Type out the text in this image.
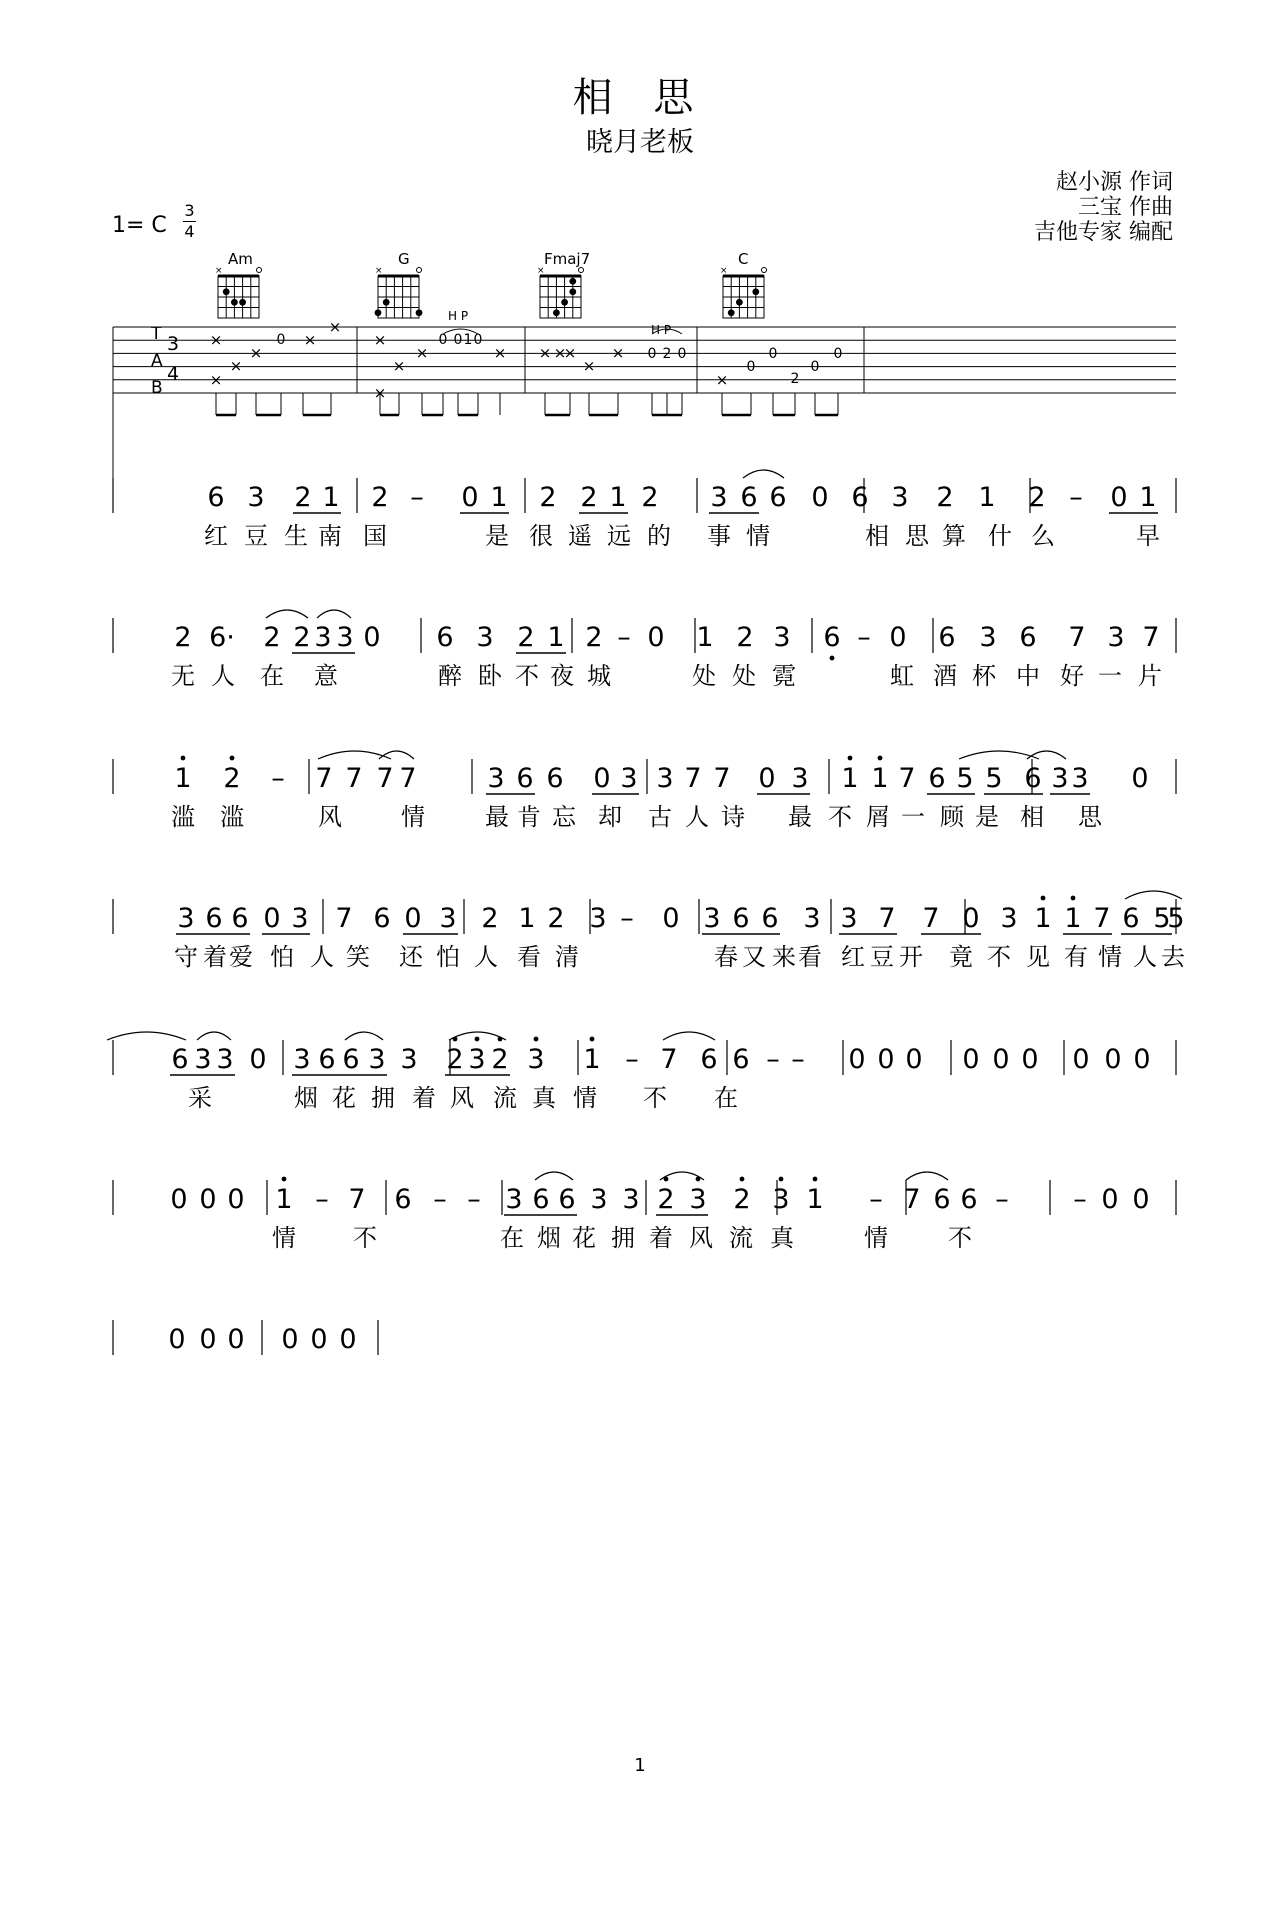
相 思
晓月老板
赵小源 作词
三宝 作曲
吉他专家 编配
1= C
3
4
Am	G	Fmaj7	C
×	×	×	×
T
A
B
3
4
H P
H P
0	0 0 1 0
0 2 0	0
0
0
2
0
×
×
×
×
×
×
×
×
×
×	× × ×
×
×
×
×
6 3 2 1 2 – 0 1 2 2 1 2 3 6 6 0 6 3 2 1 2 – 0 1
红 豆 生 南 国	是 很 遥 远 的 事 情	相 思 算 什 么	早
2 6· 2 2 3 3 0 6 3 2 1 2 – 0 1 2 3 6 – 0 6 3 6 7 3 7
无 人 在 意	醉 卧 不 夜 城	处 处 霓	虹 酒 杯 中 好 一 片
1 2 – 7 7 7 7	3 6 6 0 3 3 7 7 0 3 1 1 7 6 5 5 6 3 3 0
滥 滥	风 情	最 肯 忘 却 古 人 诗 最 不 屑 一 顾 是 相 思
3 6 6 0 3 7 6 0 3 2 1 2 3 – 0 3 6 6 3 3 7 7 0 3 1 1 7 6 5
5
守 着 爱 怕 人 笑 还 怕 人 看 清	春 又 来 看 红 豆 开 竟 不 见 有 情 人 去
6 3 3 0 3 6 6 3 3 2 3 2 3 1 – 7 6 6 – – 0 0 0 0 0 0 0 0 0
采	烟 花 拥 着 风 流 真 情 不 在
0 0 0 1 – 7 6 – – 3 6 6 3 3 2 3 2 3 1 – 7 6 6 – – 0 0
情 不	在 烟 花 拥 着 风 流 真	情	不
0 0 0 0 0 0
1
